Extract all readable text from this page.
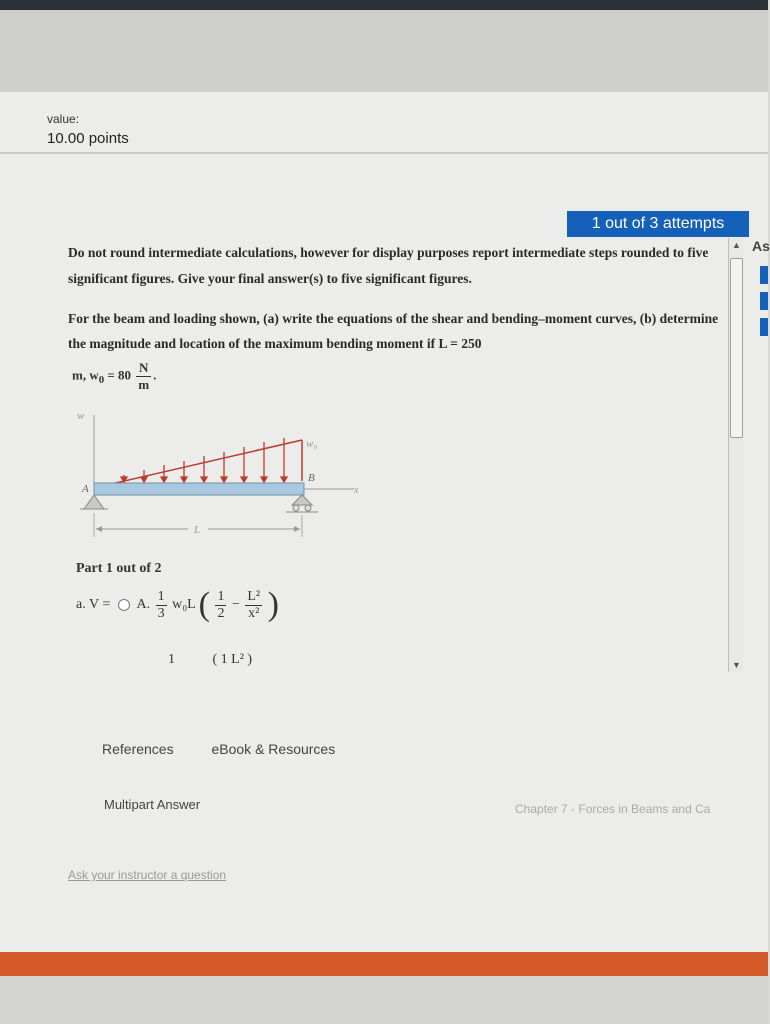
value:
10.00 points
1 out of 3 attempts
▲
▼
As
Do not round intermediate calculations, however for display purposes report intermediate steps rounded to five significant figures. Give your final answer(s) to five significant figures.
For the beam and loading shown, (a) write the equations of the shear and bending–moment curves, (b) determine the magnitude and location of the maximum bending moment if L = 250
m, $w_0 = 80 \frac{N}{m}$ .
w
w₀
x
A
B
L
Part 1 out of 2
a. V = A. $\frac{1}{3} w_0L$ ( $\frac{1}{2} - \frac{\text{L²}}{\text{x²}}$ )
1	( 1 L² )
References	eBook & Resources
Multipart Answer	Chapter 7 - Forces in Beams and Ca
Ask your instructor a question
